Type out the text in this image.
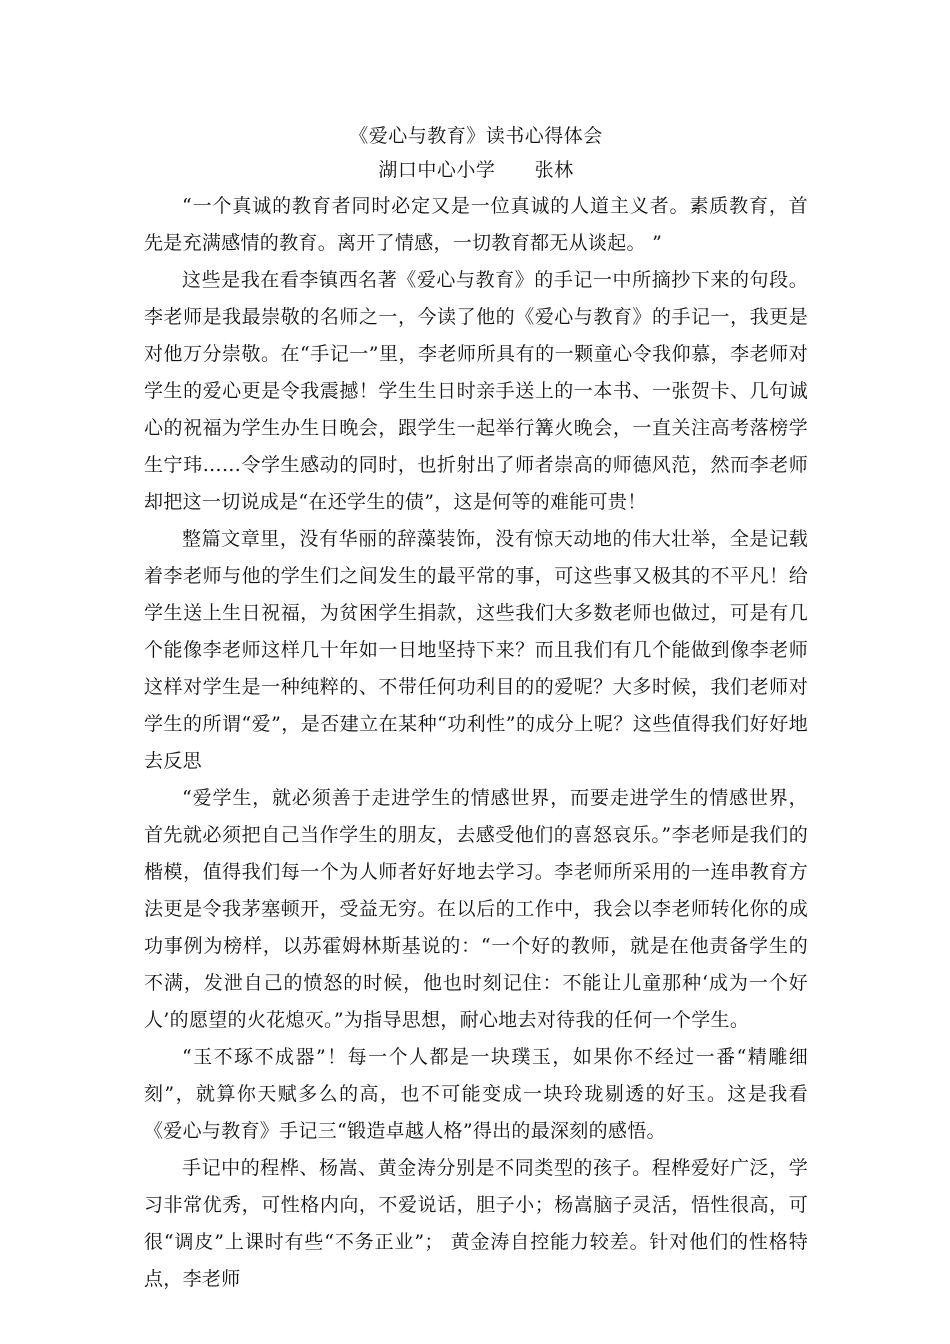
《爱心与教育》读书心得体会
湖口中心小学      张林

“一个真诚的教育者同时必定又是一位真诚的人道主义者。素质教育，首先是充满感情的教育。离开了情感，一切教育都无从谈起。 ”

这些是我在看李镇西名著《爱心与教育》的手记一中所摘抄下来的句段。李老师是我最崇敬的名师之一，今读了他的《爱心与教育》的手记一，我更是对他万分崇敬。在“手记一”里，李老师所具有的一颗童心令我仰慕，李老师对学生的爱心更是令我震撼！学生生日时亲手送上的一本书、一张贺卡、几句诚心的祝福为学生办生日晚会，跟学生一起举行篝火晚会，一直关注高考落榜学生宁玮……令学生感动的同时，也折射出了师者崇高的师德风范，然而李老师却把这一切说成是“在还学生的债”，这是何等的难能可贵！

整篇文章里，没有华丽的辞藻装饰，没有惊天动地的伟大壮举，全是记载着李老师与他的学生们之间发生的最平常的事，可这些事又极其的不平凡！给学生送上生日祝福，为贫困学生捐款，这些我们大多数老师也做过，可是有几个能像李老师这样几十年如一日地坚持下来？而且我们有几个能做到像李老师这样对学生是一种纯粹的、不带任何功利目的的爱呢？大多时候，我们老师对学生的所谓“爱”，是否建立在某种“功利性”的成分上呢？这些值得我们好好地去反思

“爱学生，就必须善于走进学生的情感世界，而要走进学生的情感世界，首先就必须把自己当作学生的朋友，去感受他们的喜怒哀乐。”李老师是我们的楷模，值得我们每一个为人师者好好地去学习。李老师所采用的一连串教育方法更是令我茅塞顿开，受益无穷。在以后的工作中，我会以李老师转化你的成功事例为榜样，以苏霍姆林斯基说的：“一个好的教师，就是在他责备学生的不满，发泄自己的愤怒的时候，他也时刻记住：不能让儿童那种‘成为一个好人’的愿望的火花熄灭。”为指导思想，耐心地去对待我的任何一个学生。

“玉不琢不成器”！每一个人都是一块璞玉，如果你不经过一番“精雕细刻”，就算你天赋多么的高，也不可能变成一块玲珑剔透的好玉。这是我看《爱心与教育》手记三“锻造卓越人格”得出的最深刻的感悟。

手记中的程桦、杨嵩、黄金涛分别是不同类型的孩子。程桦爱好广泛，学习非常优秀，可性格内向，不爱说话，胆子小；杨嵩脑子灵活，悟性很高，可很“调皮”上课时有些“不务正业”； 黄金涛自控能力较差。针对他们的性格特点，李老师
